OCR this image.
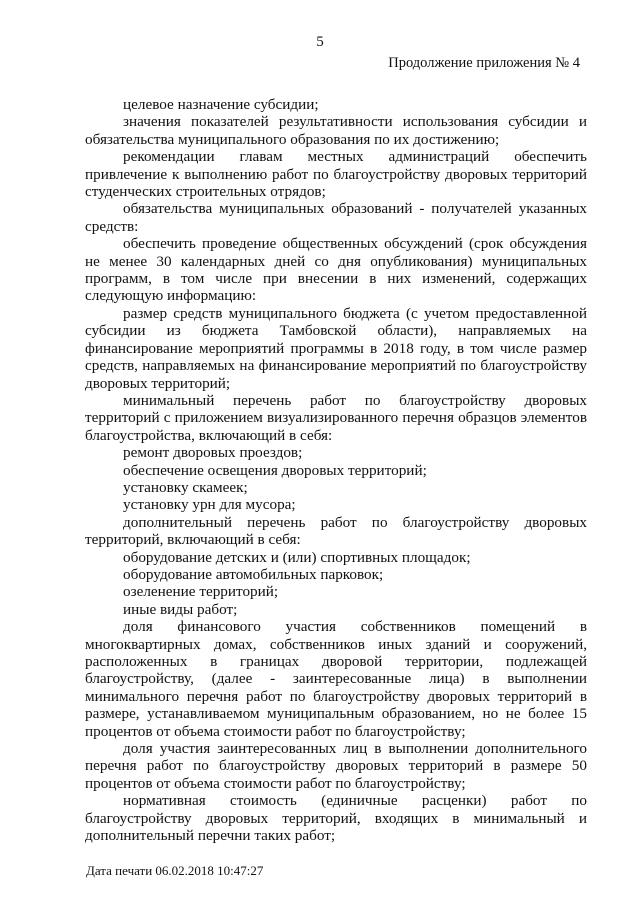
5
Продолжение приложения № 4

целевое назначение субсидии;

значения показателей результативности использования субсидии и обязательства муниципального образования по их достижению;

рекомендации главам местных администраций обеспечить привлечение к выполнению работ по благоустройству дворовых территорий студенческих строительных отрядов;

обязательства муниципальных образований - получателей указанных средств:

обеспечить проведение общественных обсуждений (срок обсуждения не менее 30 календарных дней со дня опубликования) муниципальных программ, в том числе при внесении в них изменений, содержащих следующую информацию:

размер средств муниципального бюджета (с учетом предоставленной субсидии из бюджета Тамбовской области), направляемых на финансирование мероприятий программы в 2018 году, в том числе размер средств, направляемых на финансирование мероприятий по благоустройству дворовых территорий;

минимальный перечень работ по благоустройству дворовых территорий с приложением визуализированного перечня образцов элементов благоустройства, включающий в себя:

ремонт дворовых проездов;

обеспечение освещения дворовых территорий;

установку скамеек;

установку урн для мусора;

дополнительный перечень работ по благоустройству дворовых территорий, включающий в себя:

оборудование детских и (или) спортивных площадок;

оборудование автомобильных парковок;

озеленение территорий;

иные виды работ;

доля финансового участия собственников помещений в многоквартирных домах, собственников иных зданий и сооружений, расположенных в границах дворовой территории, подлежащей благоустройству, (далее - заинтересованные лица) в выполнении минимального перечня работ по благоустройству дворовых территорий в размере, устанавливаемом муниципальным образованием, но не более 15 процентов от объема стоимости работ по благоустройству;

доля участия заинтересованных лиц в выполнении дополнительного перечня работ по благоустройству дворовых территорий в размере 50 процентов от объема стоимости работ по благоустройству;

нормативная стоимость (единичные расценки) работ по благоустройству дворовых территорий, входящих в минимальный и дополнительный перечни таких работ;

Дата печати 06.02.2018 10:47:27
